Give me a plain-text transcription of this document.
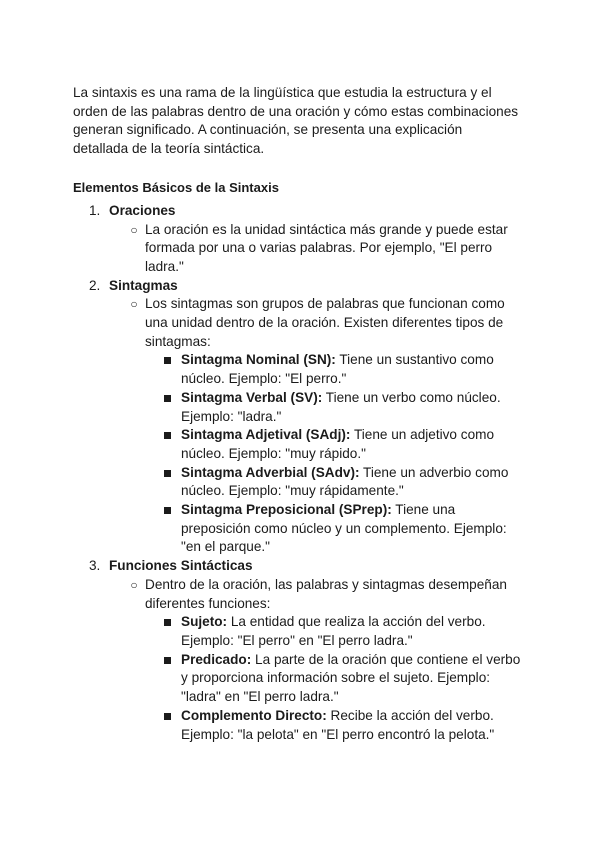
La sintaxis es una rama de la lingüística que estudia la estructura y el orden de las palabras dentro de una oración y cómo estas combinaciones generan significado. A continuación, se presenta una explicación detallada de la teoría sintáctica.

Elementos Básicos de la Sintaxis
1. Oraciones
○ La oración es la unidad sintáctica más grande y puede estar formada por una o varias palabras. Por ejemplo, "El perro ladra."
2. Sintagmas
○ Los sintagmas son grupos de palabras que funcionan como una unidad dentro de la oración. Existen diferentes tipos de sintagmas:
Sintagma Nominal (SN): Tiene un sustantivo como núcleo. Ejemplo: "El perro."
Sintagma Verbal (SV): Tiene un verbo como núcleo. Ejemplo: "ladra."
Sintagma Adjetival (SAdj): Tiene un adjetivo como núcleo. Ejemplo: "muy rápido."
Sintagma Adverbial (SAdv): Tiene un adverbio como núcleo. Ejemplo: "muy rápidamente."
Sintagma Preposicional (SPrep): Tiene una preposición como núcleo y un complemento. Ejemplo: "en el parque."
3. Funciones Sintácticas
○ Dentro de la oración, las palabras y sintagmas desempeñan diferentes funciones:
Sujeto: La entidad que realiza la acción del verbo. Ejemplo: "El perro" en "El perro ladra."
Predicado: La parte de la oración que contiene el verbo y proporciona información sobre el sujeto. Ejemplo: "ladra" en "El perro ladra."
Complemento Directo: Recibe la acción del verbo. Ejemplo: "la pelota" en "El perro encontró la pelota."
